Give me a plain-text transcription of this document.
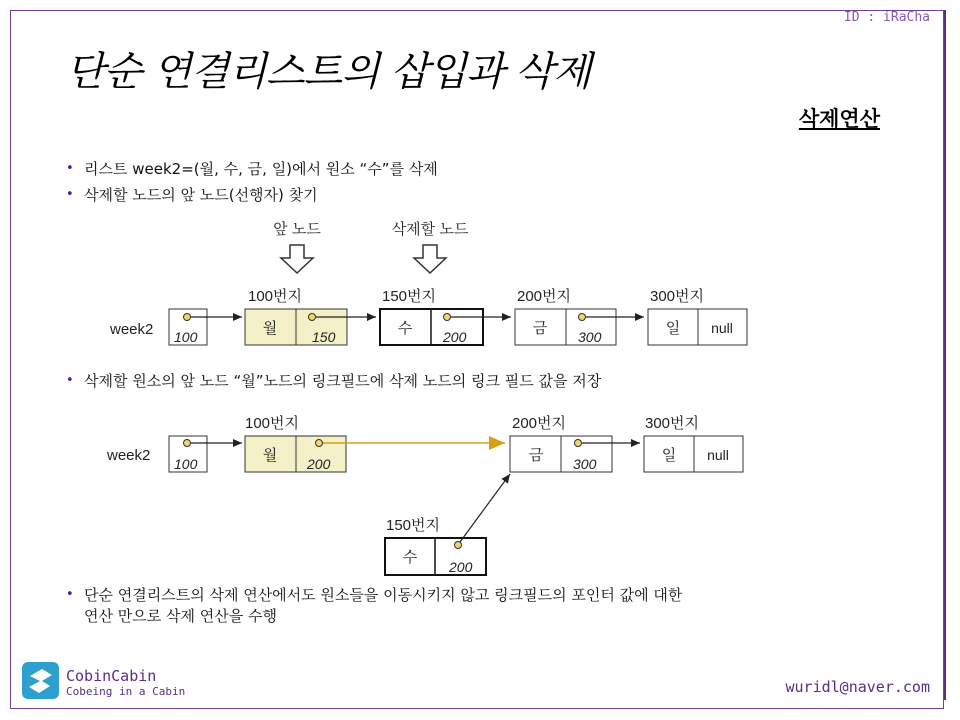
ID : iRaCha
단순 연결리스트의 삽입과 삭제
삭제연산
• 리스트 week2=(월, 수, 금, 일)에서 원소 “수”를 삭제
• 삭제할 노드의 앞 노드(선행자) 찾기
• 삭제할 원소의 앞 노드 “월”노드의 링크필드에 삭제 노드의 링크 필드 값을 저장
• 단순 연결리스트의 삭제 연산에서도 원소들을 이동시키지 않고 링크필드의 포인터 값에 대한
연산 만으로 삭제 연산을 수행
앞 노드	삭제할 노드
week2 100
100번지
월 150
150번지
수 200
200번지
금 300
300번지
일 null
week2 100
100번지
월 200
200번지
금 300
300번지
일 null
150번지
수
200
CobinCabin
Cobeing in a Cabin	wuridl@naver.com
